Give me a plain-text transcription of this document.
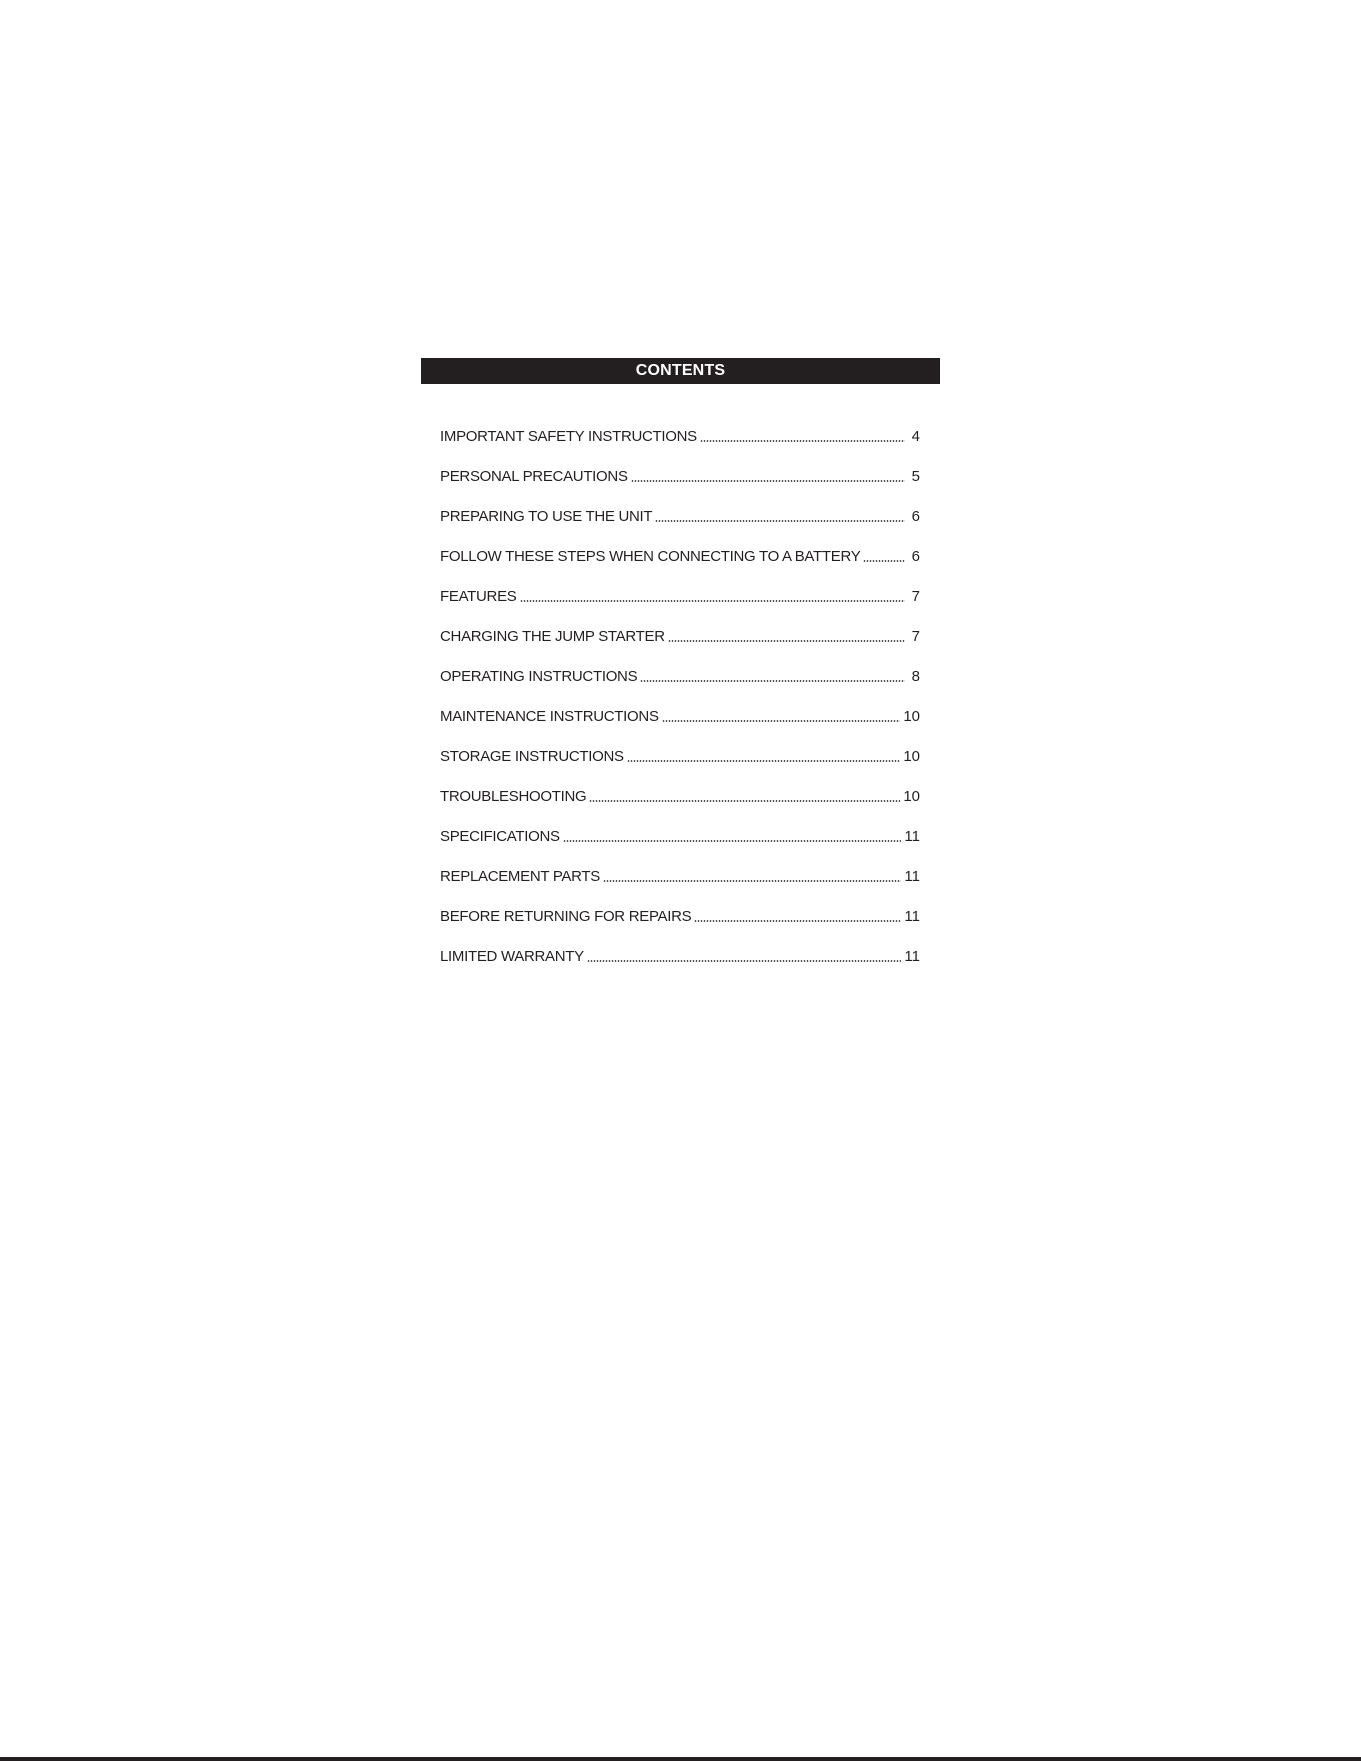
CONTENTS
IMPORTANT SAFETY INSTRUCTIONS	4
PERSONAL PRECAUTIONS	5
PREPARING TO USE THE UNIT	6
FOLLOW THESE STEPS WHEN CONNECTING TO A BATTERY	6
FEATURES	7
CHARGING THE JUMP STARTER	7
OPERATING INSTRUCTIONS	8
MAINTENANCE INSTRUCTIONS	10
STORAGE INSTRUCTIONS	10
TROUBLESHOOTING	10
SPECIFICATIONS	11
REPLACEMENT PARTS	11
BEFORE RETURNING FOR REPAIRS	11
LIMITED WARRANTY	11
